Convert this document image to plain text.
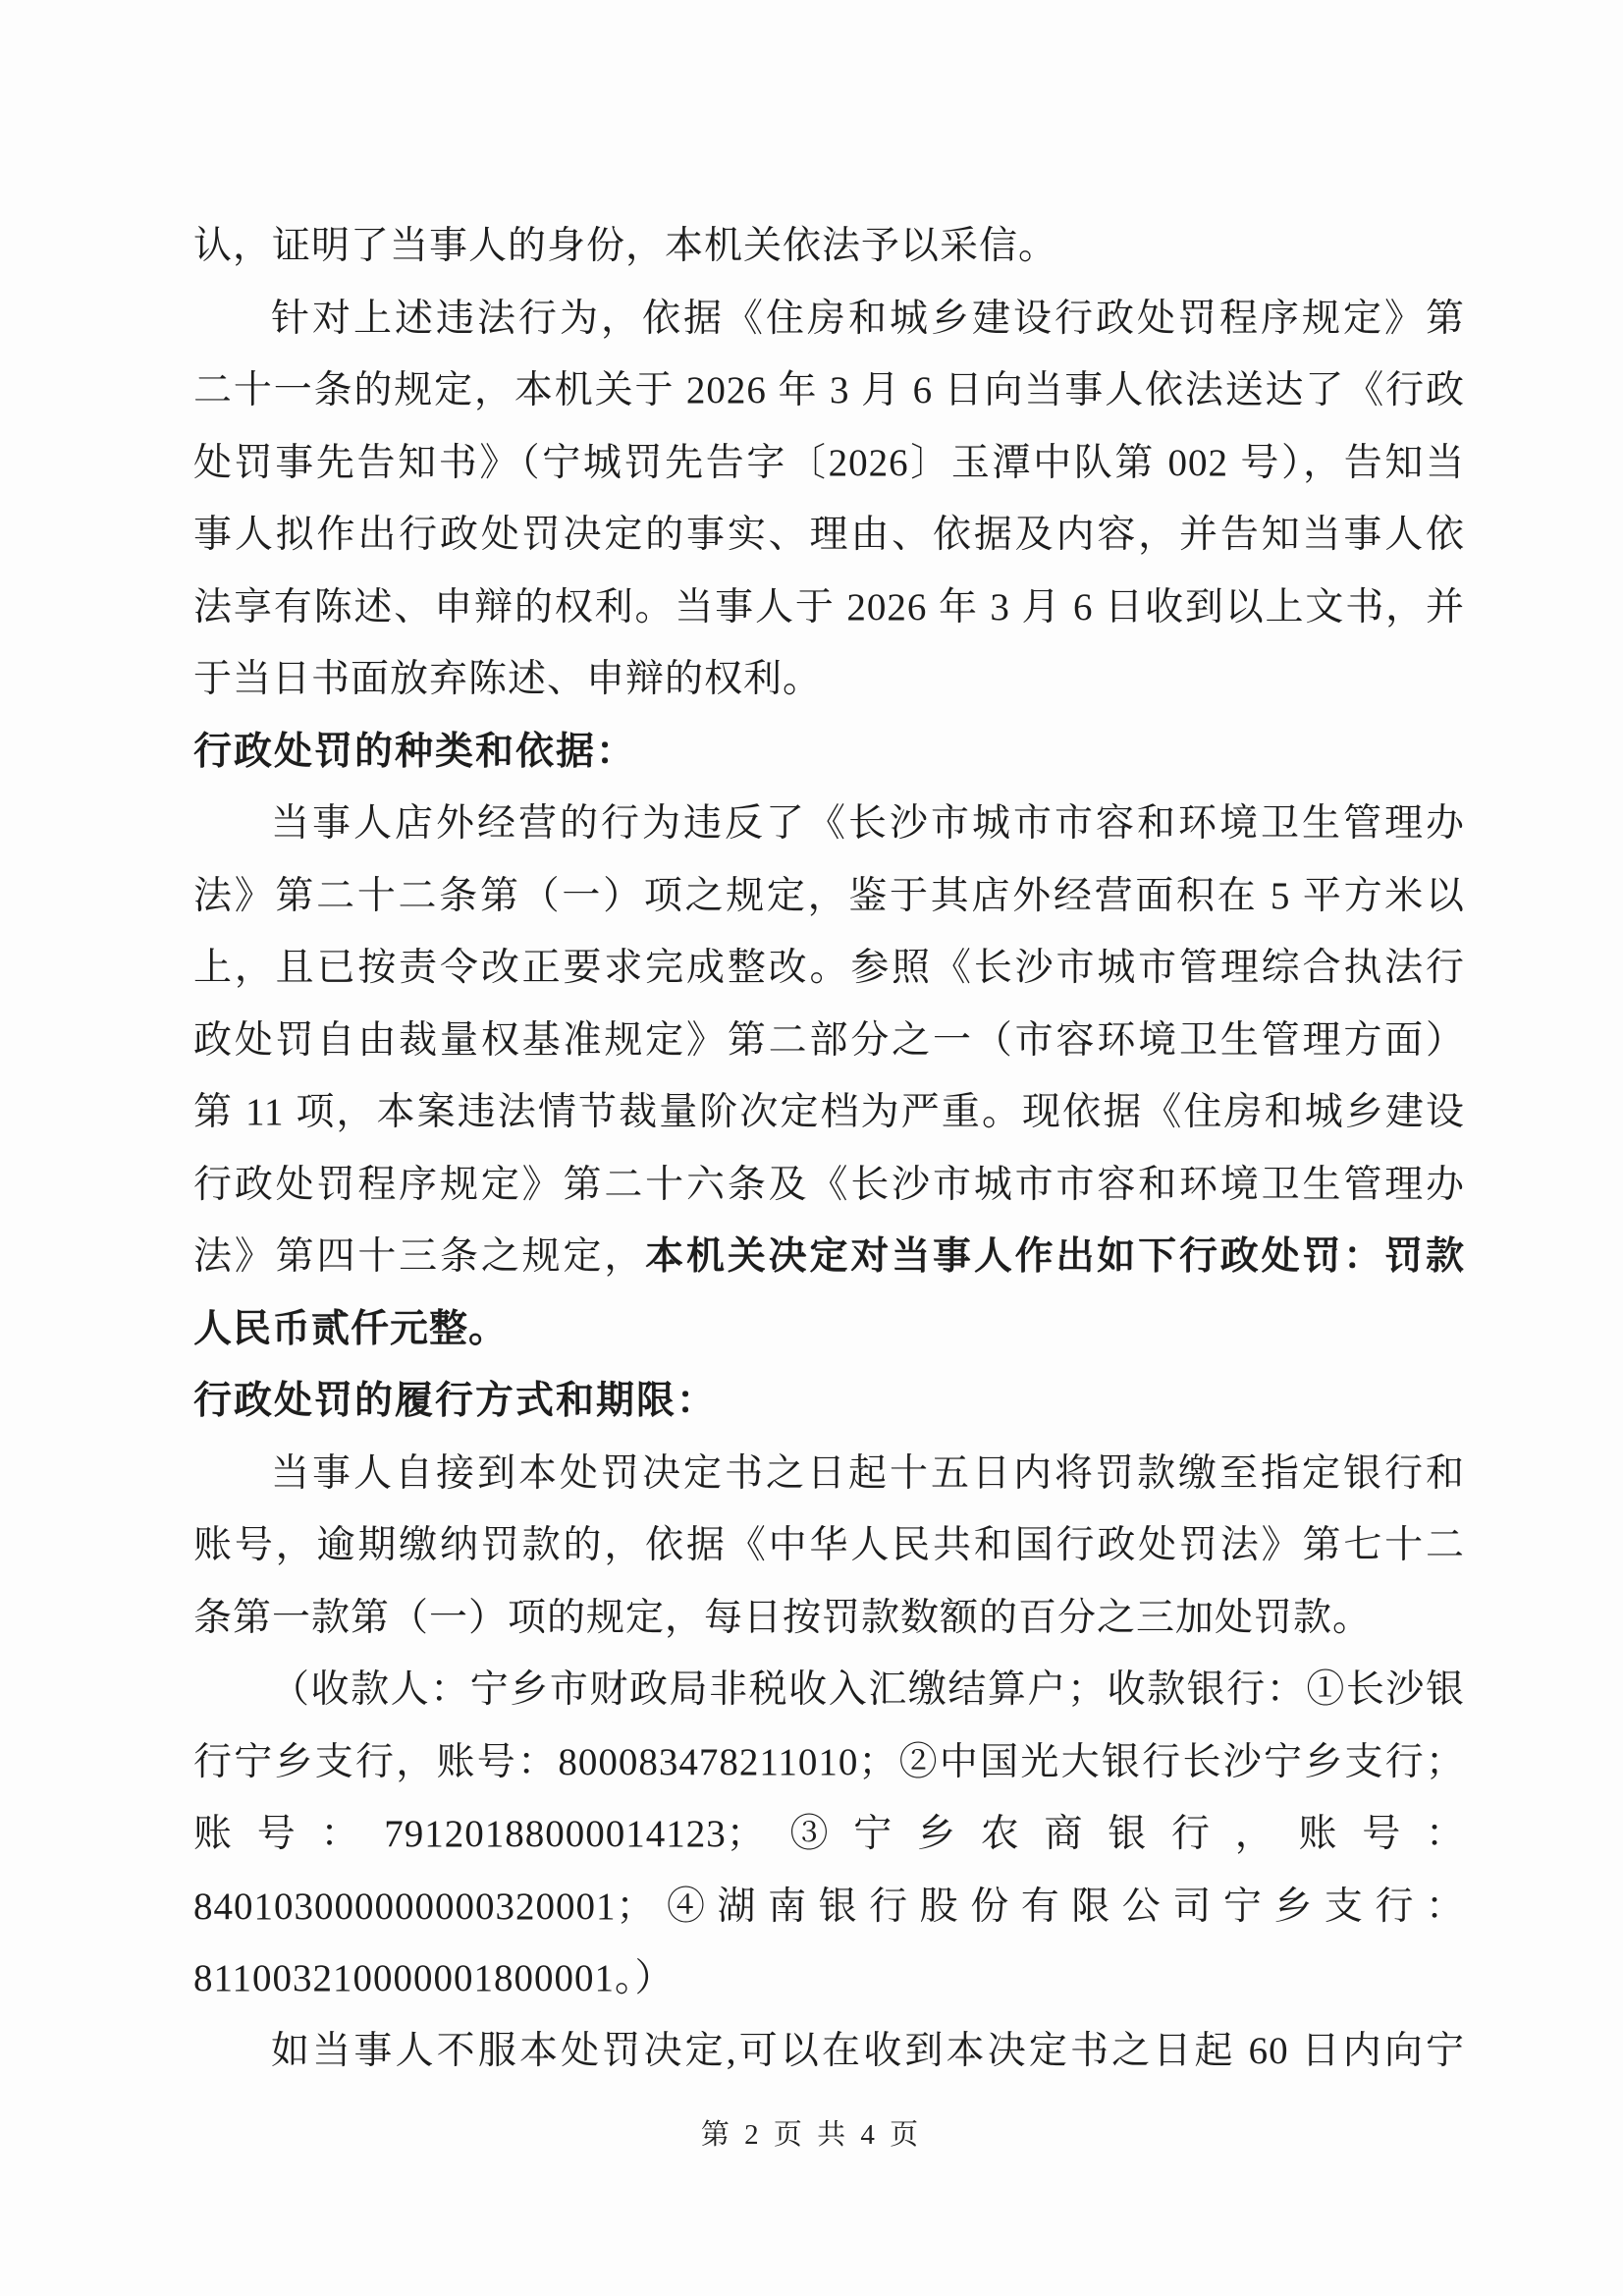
认，证明了当事人的身份，本机关依法予以采信。
针对上述违法行为，依据《住房和城乡建设行政处罚程序规定》第
二十一条的规定，本机关于 2026 年 3 月 6 日向当事人依法送达了《行政
处罚事先告知书》（宁城罚先告字〔2026〕玉潭中队第 002 号），告知当
事人拟作出行政处罚决定的事实、理由、依据及内容，并告知当事人依
法享有陈述、申辩的权利。当事人于 2026 年 3 月 6 日收到以上文书，并
于当日书面放弃陈述、申辩的权利。
行政处罚的种类和依据：
当事人店外经营的行为违反了《长沙市城市市容和环境卫生管理办
法》第二十二条第（一）项之规定，鉴于其店外经营面积在 5 平方米以
上，且已按责令改正要求完成整改。参照《长沙市城市管理综合执法行
政处罚自由裁量权基准规定》第二部分之一（市容环境卫生管理方面）
第 11 项，本案违法情节裁量阶次定档为严重。现依据《住房和城乡建设
行政处罚程序规定》第二十六条及《长沙市城市市容和环境卫生管理办
法》第四十三条之规定，本机关决定对当事人作出如下行政处罚：罚款
人民币贰仟元整。
行政处罚的履行方式和期限：
当事人自接到本处罚决定书之日起十五日内将罚款缴至指定银行和
账号，逾期缴纳罚款的，依据《中华人民共和国行政处罚法》第七十二
条第一款第（一）项的规定，每日按罚款数额的百分之三加处罚款。
（收款人：宁乡市财政局非税收入汇缴结算户；收款银行：①长沙银
行宁乡支行，账号：800083478211010；②中国光大银行长沙宁乡支行；
账号：79120188000014123；③宁乡农商银行，账号：
840103000000000320001；④湖南银行股份有限公司宁乡支行：
811003210000001800001。）
如当事人不服本处罚决定,可以在收到本决定书之日起 60 日内向宁
第 2 页 共 4 页
